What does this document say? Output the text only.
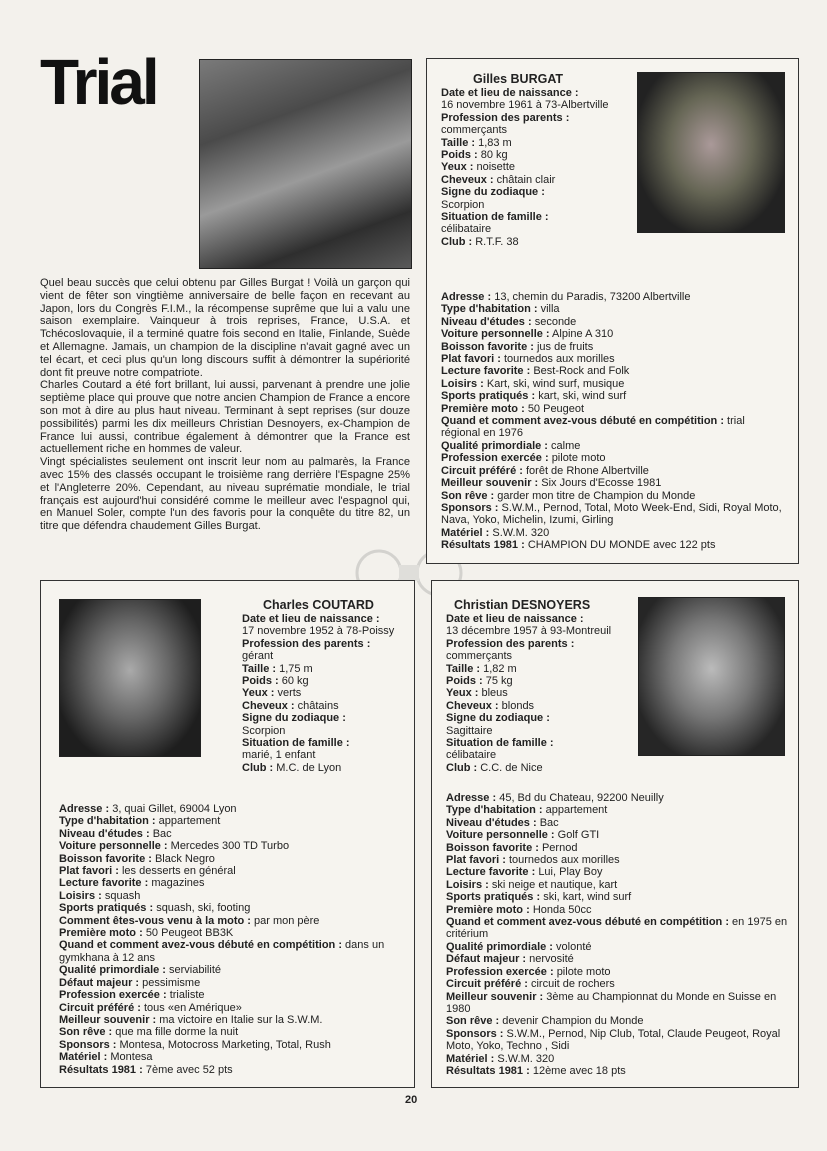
Trial

Quel beau succès que celui obtenu par Gilles Burgat ! Voilà un garçon qui vient de fêter son vingtième anniversaire de belle façon en recevant au Japon, lors du Congrès F.I.M., la récompense suprême que lui a valu une saison exemplaire. Vainqueur à trois reprises, France, U.S.A. et Tchécoslovaquie, il a terminé quatre fois second en Italie, Finlande, Suède et Allemagne. Jamais, un champion de la discipline n'avait gagné avec un tel écart, et ceci plus qu'un long discours suffit à démontrer la supériorité dont fit preuve notre compatriote.

Charles Coutard a été fort brillant, lui aussi, parvenant à prendre une jolie septième place qui prouve que notre ancien Champion de France a encore son mot à dire au plus haut niveau. Terminant à sept reprises (sur douze possibilités) parmi les dix meilleurs Christian Desnoyers, ex-Champion de France lui aussi, contribue également à démontrer que la France est actuellement riche en hommes de valeur.

Vingt spécialistes seulement ont inscrit leur nom au palmarès, la France avec 15% des classés occupant le troisième rang derrière l'Espagne 25% et l'Angleterre 20%. Cependant, au niveau suprématie mondiale, le trial français est aujourd'hui considéré comme le meilleur avec l'espagnol qui, en Manuel Soler, compte l'un des favoris pour la conquête du titre 82, un titre que défendra chaudement Gilles Burgat.

Gilles BURGAT
Date et lieu de naissance :
16 novembre 1961 à 73-Albertville
Profession des parents :
commerçants
Taille : 1,83 m
Poids : 80 kg
Yeux : noisette
Cheveux : châtain clair
Signe du zodiaque :
Scorpion
Situation de famille :
célibataire
Club : R.T.F. 38
Adresse : 13, chemin du Paradis, 73200 Albertville
Type d'habitation : villa
Niveau d'études : seconde
Voiture personnelle : Alpine A 310
Boisson favorite : jus de fruits
Plat favori : tournedos aux morilles
Lecture favorite : Best-Rock and Folk
Loisirs : Kart, ski, wind surf, musique
Sports pratiqués : kart, ski, wind surf
Première moto : 50 Peugeot
Quand et comment avez-vous débuté en compétition : trial régional en 1976
Qualité primordiale : calme
Profession exercée : pilote moto
Circuit préféré : forêt de Rhone Albertville
Meilleur souvenir : Six Jours d'Ecosse 1981
Son rêve : garder mon titre de Champion du Monde
Sponsors : S.W.M., Pernod, Total, Moto Week-End, Sidi, Royal Moto, Nava, Yoko, Michelin, Izumi, Girling
Matériel : S.W.M. 320
Résultats 1981 : CHAMPION DU MONDE avec 122 pts
Charles COUTARD
Date et lieu de naissance :
17 novembre 1952 à 78-Poissy
Profession des parents :
gérant
Taille : 1,75 m
Poids : 60 kg
Yeux : verts
Cheveux : châtains
Signe du zodiaque :
Scorpion
Situation de famille :
marié, 1 enfant
Club : M.C. de Lyon
Adresse : 3, quai Gillet, 69004 Lyon
Type d'habitation : appartement
Niveau d'études : Bac
Voiture personnelle : Mercedes 300 TD Turbo
Boisson favorite : Black Negro
Plat favori : les desserts en général
Lecture favorite : magazines
Loisirs : squash
Sports pratiqués : squash, ski, footing
Comment êtes-vous venu à la moto : par mon père
Première moto : 50 Peugeot BB3K
Quand et comment avez-vous débuté en compétition : dans un gymkhana à 12 ans
Qualité primordiale : serviabilité
Défaut majeur : pessimisme
Profession exercée : trialiste
Circuit préféré : tous «en Amérique»
Meilleur souvenir : ma victoire en Italie sur la S.W.M.
Son rêve : que ma fille dorme la nuit
Sponsors : Montesa, Motocross Marketing, Total, Rush
Matériel : Montesa
Résultats 1981 : 7ème avec 52 pts
Christian DESNOYERS
Date et lieu de naissance :
13 décembre 1957 à 93-Montreuil
Profession des parents :
commerçants
Taille : 1,82 m
Poids : 75 kg
Yeux : bleus
Cheveux : blonds
Signe du zodiaque :
Sagittaire
Situation de famille :
célibataire
Club : C.C. de Nice
Adresse : 45, Bd du Chateau, 92200 Neuilly
Type d'habitation : appartement
Niveau d'études : Bac
Voiture personnelle : Golf GTI
Boisson favorite : Pernod
Plat favori : tournedos aux morilles
Lecture favorite : Lui, Play Boy
Loisirs : ski neige et nautique, kart
Sports pratiqués : ski, kart, wind surf
Première moto : Honda 50cc
Quand et comment avez-vous débuté en compétition : en 1975 en critérium
Qualité primordiale : volonté
Défaut majeur : nervosité
Profession exercée : pilote moto
Circuit préféré : circuit de rochers
Meilleur souvenir : 3ème au Championnat du Monde en Suisse en 1980
Son rêve : devenir Champion du Monde
Sponsors : S.W.M., Pernod, Nip Club, Total, Claude Peugeot, Royal Moto, Yoko, Techno , Sidi
Matériel : S.W.M. 320
Résultats 1981 : 12ème avec 18 pts
20
